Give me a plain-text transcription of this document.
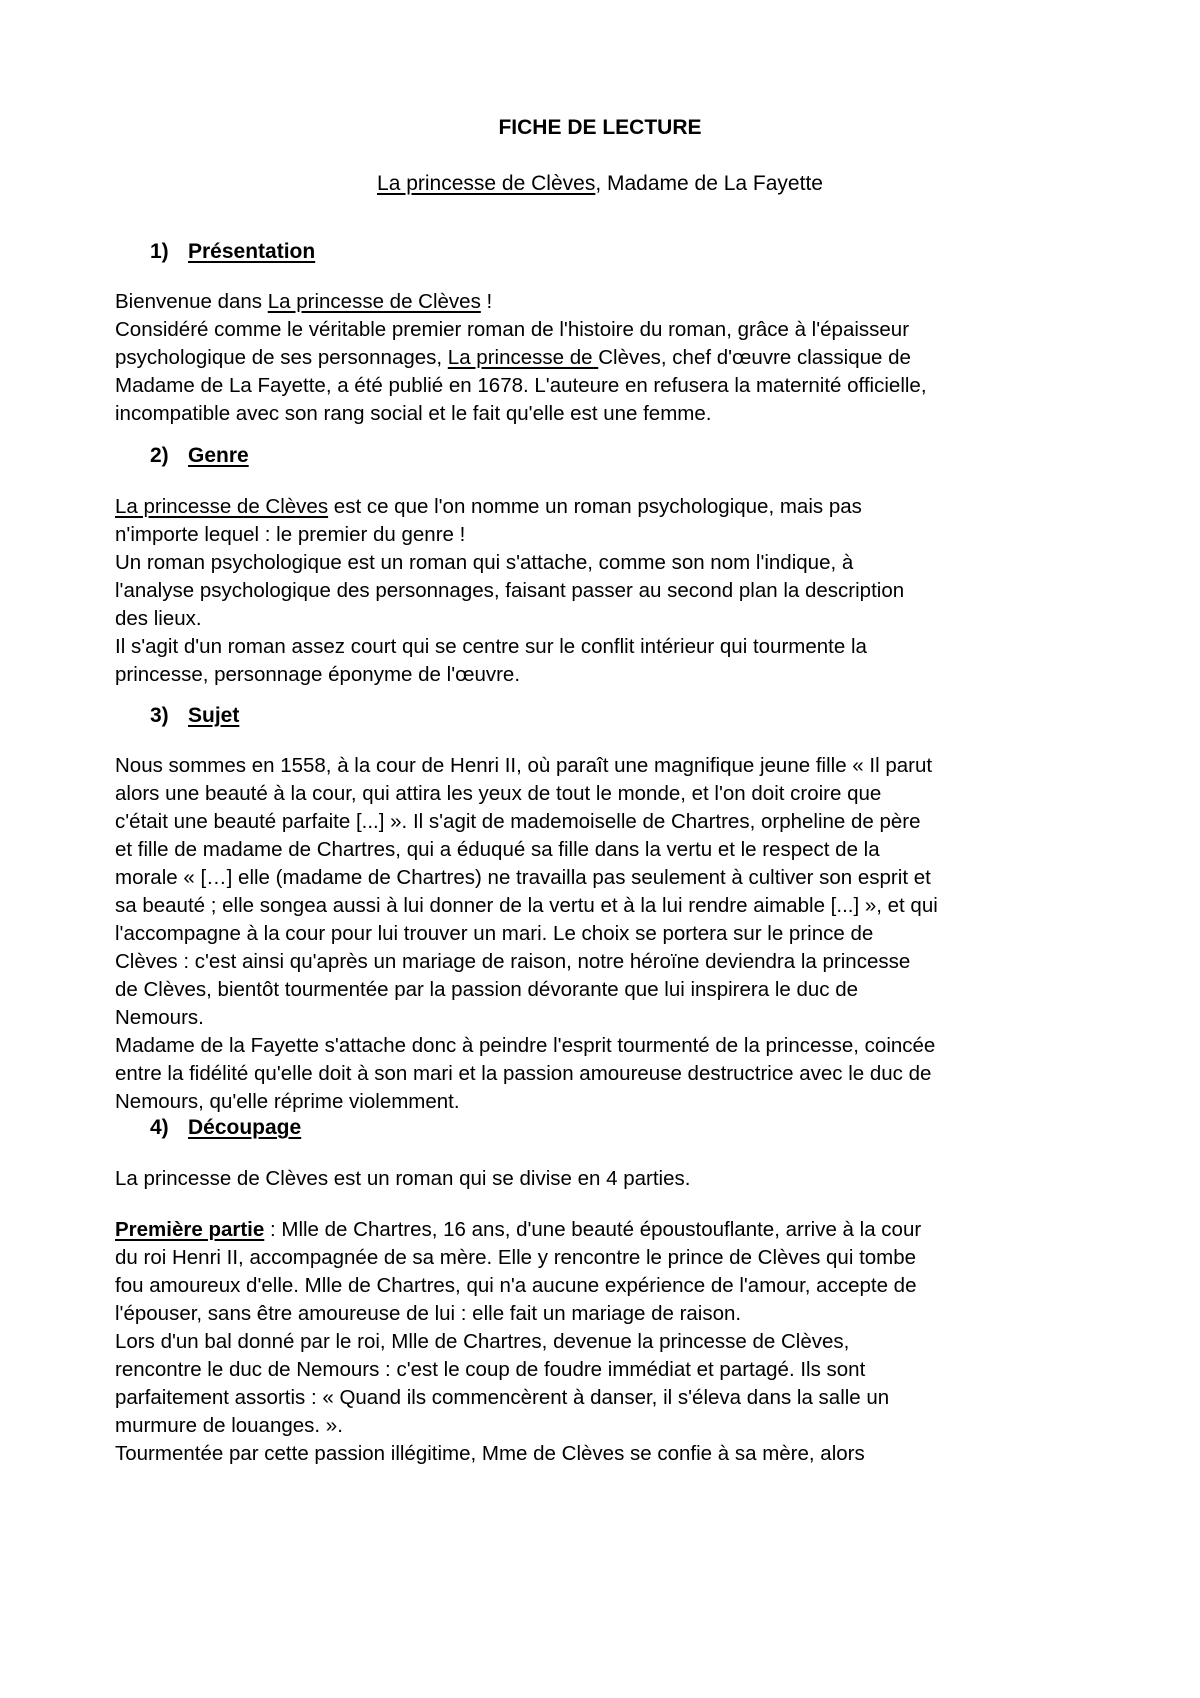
FICHE DE LECTURE
La princesse de Clèves, Madame de La Fayette
1) Présentation
Bienvenue dans La princesse de Clèves !
Considéré comme le véritable premier roman de l'histoire du roman, grâce à l'épaisseur
psychologique de ses personnages, La princesse de Clèves, chef d'œuvre classique de
Madame de La Fayette, a été publié en 1678. L'auteure en refusera la maternité officielle,
incompatible avec son rang social et le fait qu'elle est une femme.
2) Genre
La princesse de Clèves est ce que l'on nomme un roman psychologique, mais pas
n'importe lequel : le premier du genre !
Un roman psychologique est un roman qui s'attache, comme son nom l'indique, à
l'analyse psychologique des personnages, faisant passer au second plan la description
des lieux.
Il s'agit d'un roman assez court qui se centre sur le conflit intérieur qui tourmente la
princesse, personnage éponyme de l'œuvre.
3) Sujet
Nous sommes en 1558, à la cour de Henri II, où paraît une magnifique jeune fille « Il parut
alors une beauté à la cour, qui attira les yeux de tout le monde, et l'on doit croire que
c'était une beauté parfaite [...] ». Il s'agit de mademoiselle de Chartres, orpheline de père
et fille de madame de Chartres, qui a éduqué sa fille dans la vertu et le respect de la
morale « […] elle (madame de Chartres) ne travailla pas seulement à cultiver son esprit et
sa beauté ; elle songea aussi à lui donner de la vertu et à la lui rendre aimable [...] », et qui
l'accompagne à la cour pour lui trouver un mari. Le choix se portera sur le prince de
Clèves : c'est ainsi qu'après un mariage de raison, notre héroïne deviendra la princesse
de Clèves, bientôt tourmentée par la passion dévorante que lui inspirera le duc de
Nemours.
Madame de la Fayette s'attache donc à peindre l'esprit tourmenté de la princesse, coincée
entre la fidélité qu'elle doit à son mari et la passion amoureuse destructrice avec le duc de
Nemours, qu'elle réprime violemment.
4) Découpage
La princesse de Clèves est un roman qui se divise en 4 parties.
Première partie : Mlle de Chartres, 16 ans, d'une beauté époustouflante, arrive à la cour
du roi Henri II, accompagnée de sa mère. Elle y rencontre le prince de Clèves qui tombe
fou amoureux d'elle. Mlle de Chartres, qui n'a aucune expérience de l'amour, accepte de
l'épouser, sans être amoureuse de lui : elle fait un mariage de raison.
Lors d'un bal donné par le roi, Mlle de Chartres, devenue la princesse de Clèves,
rencontre le duc de Nemours : c'est le coup de foudre immédiat et partagé. Ils sont
parfaitement assortis : « Quand ils commencèrent à danser, il s'éleva dans la salle un
murmure de louanges. ».
Tourmentée par cette passion illégitime, Mme de Clèves se confie à sa mère, alors
